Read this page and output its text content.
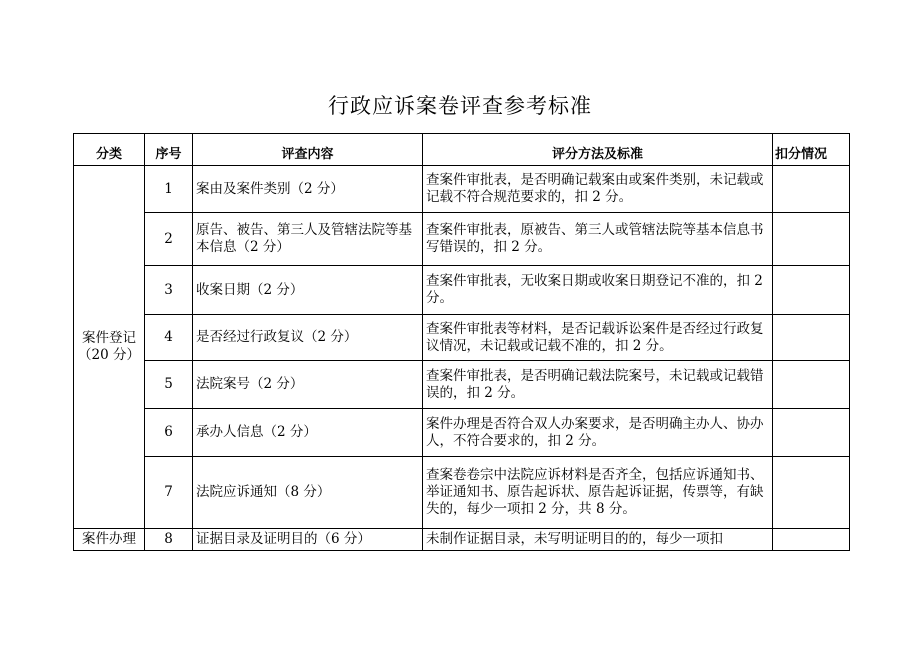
行政应诉案卷评查参考标准
分类	序号	评查内容	评分方法及标准	扣分情况

案件登记
（20 分）	1	案由及案件类别（2 分）	查案件审批表，是否明确记载案由或案件类别，未记载或记载不符合规范要求的，扣 2 分。	
	2	原告、被告、第三人及管辖法院等基本信息（2 分）	查案件审批表，原被告、第三人或管辖法院等基本信息书写错误的，扣 2 分。	
	3	收案日期（2 分）	查案件审批表，无收案日期或收案日期登记不准的，扣 2 分。	
	4	是否经过行政复议（2 分）	查案件审批表等材料，是否记载诉讼案件是否经过行政复议情况，未记载或记载不准的，扣 2 分。	
	5	法院案号（2 分）	查案件审批表，是否明确记载法院案号，未记载或记载错误的，扣 2 分。	
	6	承办人信息（2 分）	案件办理是否符合双人办案要求，是否明确主办人、协办人，不符合要求的，扣 2 分。	
	7	法院应诉通知（8 分）	查案卷卷宗中法院应诉材料是否齐全，包括应诉通知书、举证通知书、原告起诉状、原告起诉证据，传票等，有缺失的，每少一项扣 2 分，共 8 分。	
案件办理	8	证据目录及证明目的（6 分）	未制作证据目录，未写明证明目的的，每少一项扣	
